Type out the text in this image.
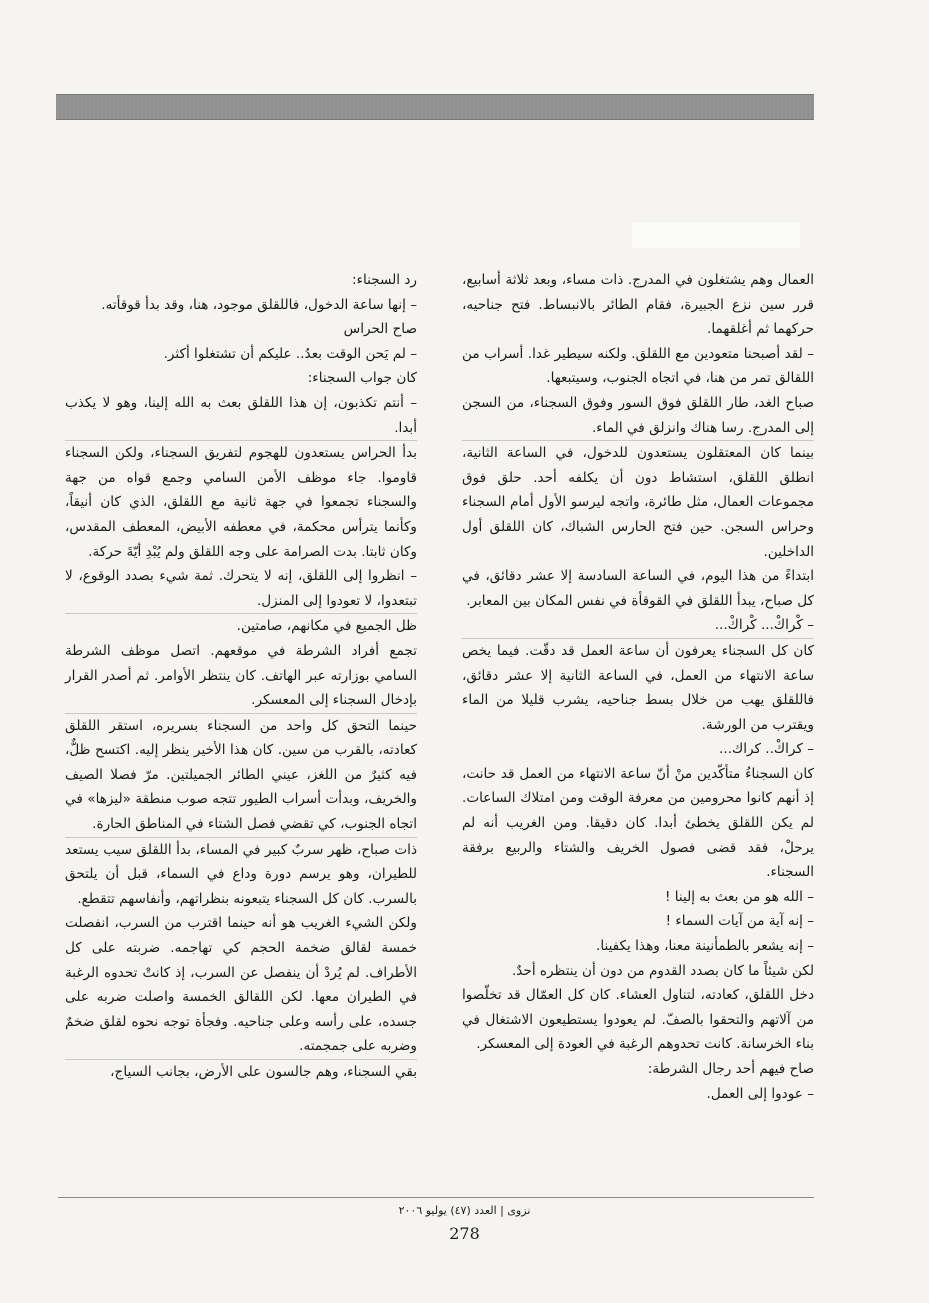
العمال وهم يشتغلون في المدرج. ذات مساء، وبعد ثلاثة أسابيع، قرر سين نزع الجبيرة، فقام الطائر بالانبساط. فتح جناحيه، حركهما ثم أغلقهما.

– لقد أصبحنا متعودين مع اللقلق. ولكنه سيطير غدا. أسراب من اللقالق تمر من هنا، في اتجاه الجنوب، وسيتبعها.

صباح الغد، طار اللقلق فوق السور وفوق السجناء، من السجن إلى المدرج. رسا هناك وانزلق في الماء.

بينما كان المعتقلون يستعدون للدخول، في الساعة الثانية، انطلق اللقلق، استشاط دون أن يكلفه أحد. حلق فوق مجموعات العمال، مثل طائرة، واتجه ليرسو الأول أمام السجناء وحراس السجن. حين فتح الحارس الشباك، كان اللقلق أول الداخلين.

ابتداءً من هذا اليوم، في الساعة السادسة إلا عشر دقائق، في كل صباح، يبدأ اللقلق في القوقأة في نفس المكان بين المعابر.

– كْراكْ... كْراكْ...

كان كل السجناء يعرفون أن ساعة العمل قد دقّت. فيما يخص ساعة الانتهاء من العمل، في الساعة الثانية إلا عشر دقائق، فاللقلق يهب من خلال بسط جناحيه، يشرب قليلا من الماء ويقترب من الورشة.

– كراكْ.. كراك...

كان السجناءُ متأكّدين منْ أنّ ساعة الانتهاء من العمل قد حانت، إذ أنهم كانوا محرومين من معرفة الوقت ومن امتلاك الساعات. لم يكن اللقلق يخطئ أبدا. كان دقيقا. ومن الغريب أنه لم يرحلْ، فقد قضى فصول الخريف والشتاء والربيع برفقة السجناء.

– الله هو من بعث به إلينا !

– إنه آية من آيات السماء !

– إنه يشعر بالطمأنينة معنا، وهذا يكفينا.

لكن شيئاً ما كان بصدد القدوم من دون أن ينتظره أحدٌ.

دخل اللقلق، كعادته، لتناول العشاء. كان كل العمّال قد تخلّصوا من آلاتهم والتحقوا بالصفّ. لم يعودوا يستطيعون الاشتغال في بناء الخرسانة. كانت تحدوهم الرغبة في العودة إلى المعسكر.

صاح فيهم أحد رجال الشرطة:

– عودوا إلى العمل.

رد السجناء:

– إنها ساعة الدخول، فاللقلق موجود، هنا، وقد بدأ قوقأته.

صاح الحراس

– لم يَحن الوقت بعدُ.. عليكم أن تشتغلوا أكثر.

كان جواب السجناء:

– أنتم تكذبون، إن هذا اللقلق بعث به الله إلينا، وهو لا يكذب أبدا.

بدأ الحراس يستعدون للهجوم لتفريق السجناء، ولكن السجناء قاوموا. جاء موظف الأمن السامي وجمع قواه من جهة والسجناء تجمعوا في جهة ثانية مع اللقلق، الذي كان أنيقاً، وكأنما يترأس محكمة، في معطفه الأبيض، المعطف المقدس، وكان ثابتا. بدت الصرامة على وجه اللقلق ولم يُبْدِ أيّةَ حركة.

– انظروا إلى اللقلق، إنه لا يتحرك. ثمة شيء بصدد الوقوع، لا تبتعدوا، لا تعودوا إلى المنزل.

ظل الجميع في مكانهم، صامتين.

تجمع أفراد الشرطة في موقعهم. اتصل موظف الشرطة السامي بوزارته عبر الهاتف. كان ينتظر الأوامر. ثم أصدر القرار بإدخال السجناء إلى المعسكر.

حينما التحق كل واحد من السجناء بسريره، استقر اللقلق كعادته، بالقرب من سين. كان هذا الأخير ينظر إليه. اكتسح ظلٌّ، فيه كثيرٌ من اللغز، عيني الطائر الجميلتين. مرّ فصلا الصيف والخريف، وبدأت أسراب الطيور تتجه صوب منطقة «ليزها» في اتجاه الجنوب، كي تقضي فصل الشتاء في المناطق الحارة.

ذات صباح، ظهر سربٌ كبير في المساء، بدأ اللقلق سيب يستعد للطيران، وهو يرسم دورة وداع في السماء، قبل أن يلتحق بالسرب. كان كل السجناء يتبعونه بنظراتهم، وأنفاسهم تتقطع.

ولكن الشيء الغريب هو أنه حينما اقترب من السرب، انفصلت خمسة لقالق ضخمة الحجم كي تهاجمه. ضربته على كل الأطراف. لم يُردْ أن ينفصل عن السرب، إذ كانتْ تحدوه الرغبة في الطيران معها. لكن اللقالق الخمسة واصلت ضربه على جسده، على رأسه وعلى جناحيه. وفجأة توجه نحوه لقلق ضخمٌ وضربه على جمجمته.

بقي السجناء، وهم جالسون على الأرض، بجانب السياج،

نزوى | العدد (٤٧) يوليو ٢٠٠٦
278
